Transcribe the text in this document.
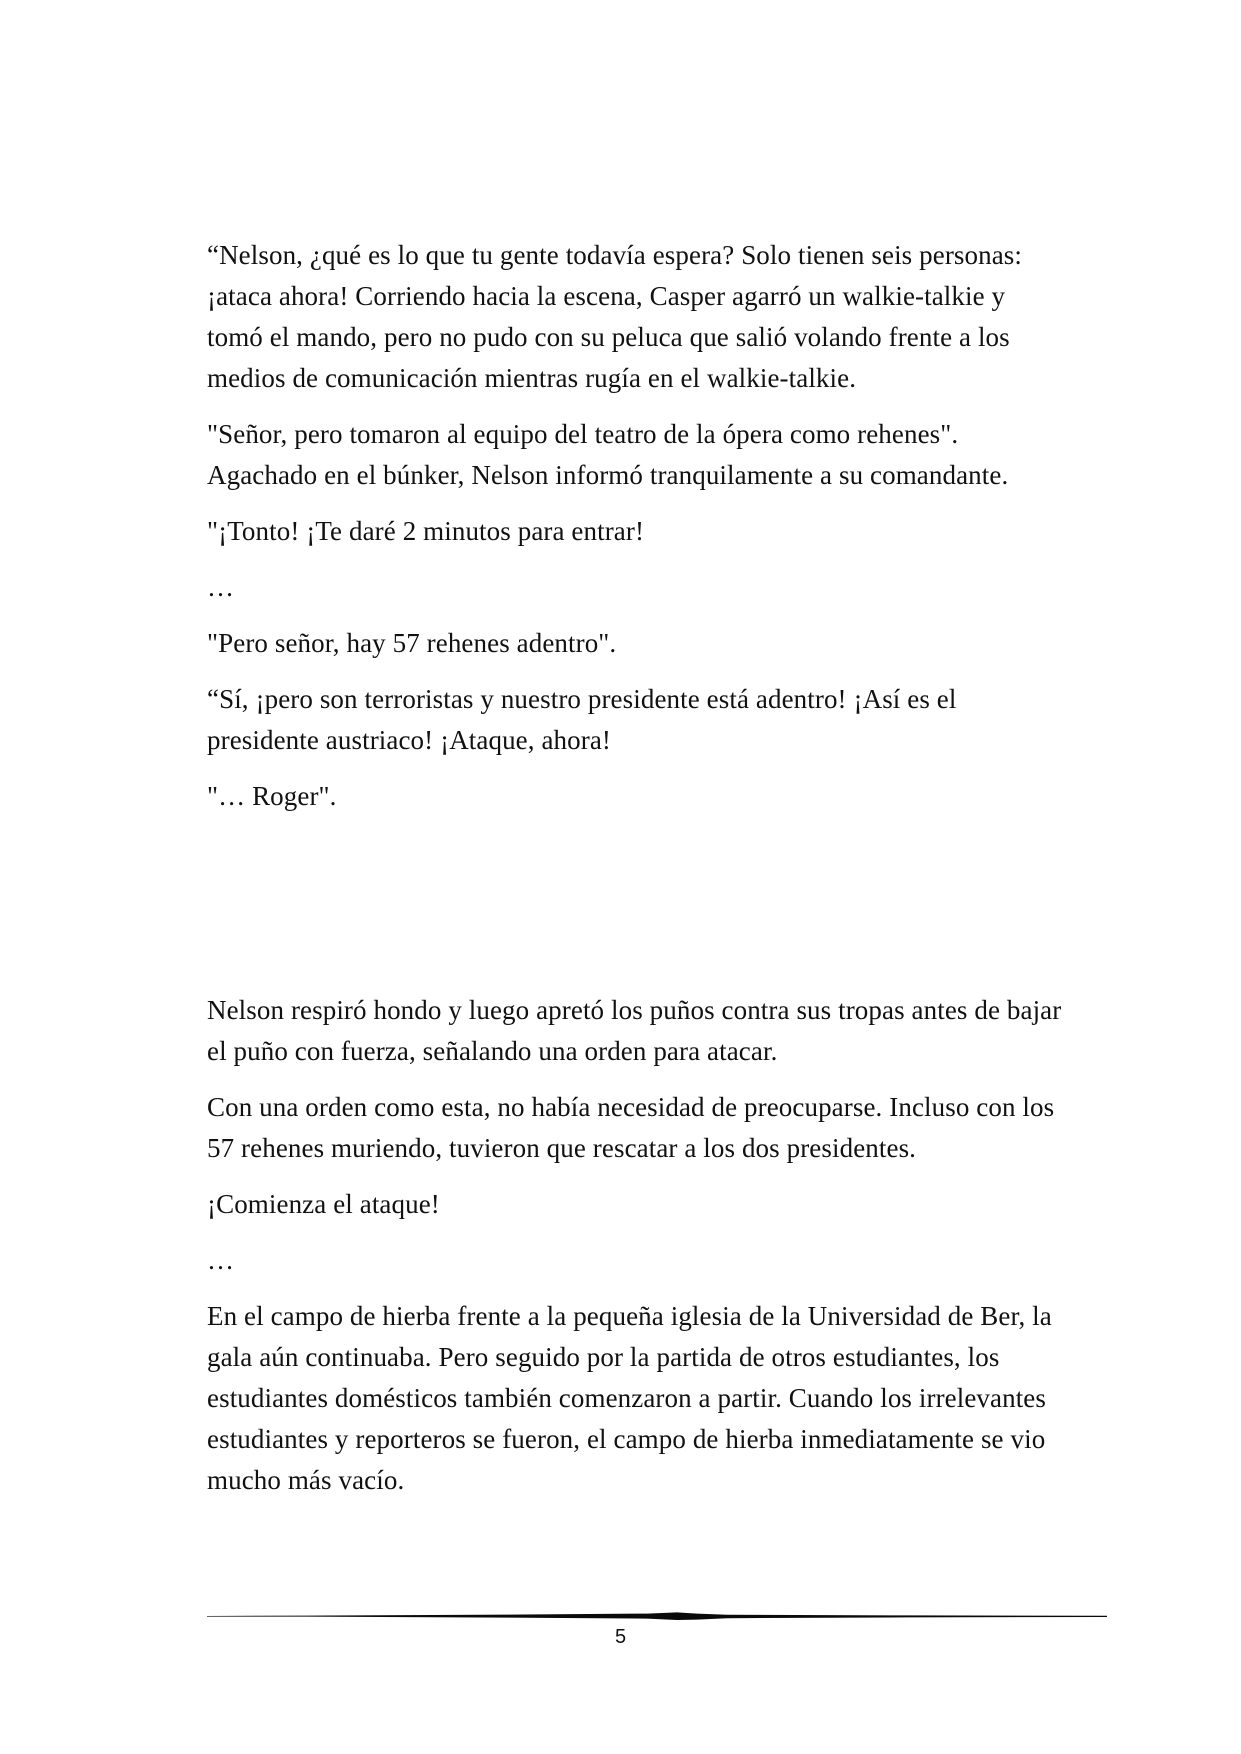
“Nelson, ¿qué es lo que tu gente todavía espera? Solo tienen seis personas: ¡ataca ahora! Corriendo hacia la escena, Casper agarró un walkie-talkie y tomó el mando, pero no pudo con su peluca que salió volando frente a los medios de comunicación mientras rugía en el walkie-talkie.

"Señor, pero tomaron al equipo del teatro de la ópera como rehenes". Agachado en el búnker, Nelson informó tranquilamente a su comandante.

"¡Tonto! ¡Te daré 2 minutos para entrar!

…

"Pero señor, hay 57 rehenes adentro".

“Sí, ¡pero son terroristas y nuestro presidente está adentro! ¡Así es el presidente austriaco! ¡Ataque, ahora!

"… Roger".

Nelson respiró hondo y luego apretó los puños contra sus tropas antes de bajar el puño con fuerza, señalando una orden para atacar.

Con una orden como esta, no había necesidad de preocuparse. Incluso con los 57 rehenes muriendo, tuvieron que rescatar a los dos presidentes.

¡Comienza el ataque!

…

En el campo de hierba frente a la pequeña iglesia de la Universidad de Ber, la gala aún continuaba. Pero seguido por la partida de otros estudiantes, los estudiantes domésticos también comenzaron a partir. Cuando los irrelevantes estudiantes y reporteros se fueron, el campo de hierba inmediatamente se vio mucho más vacío.

5
